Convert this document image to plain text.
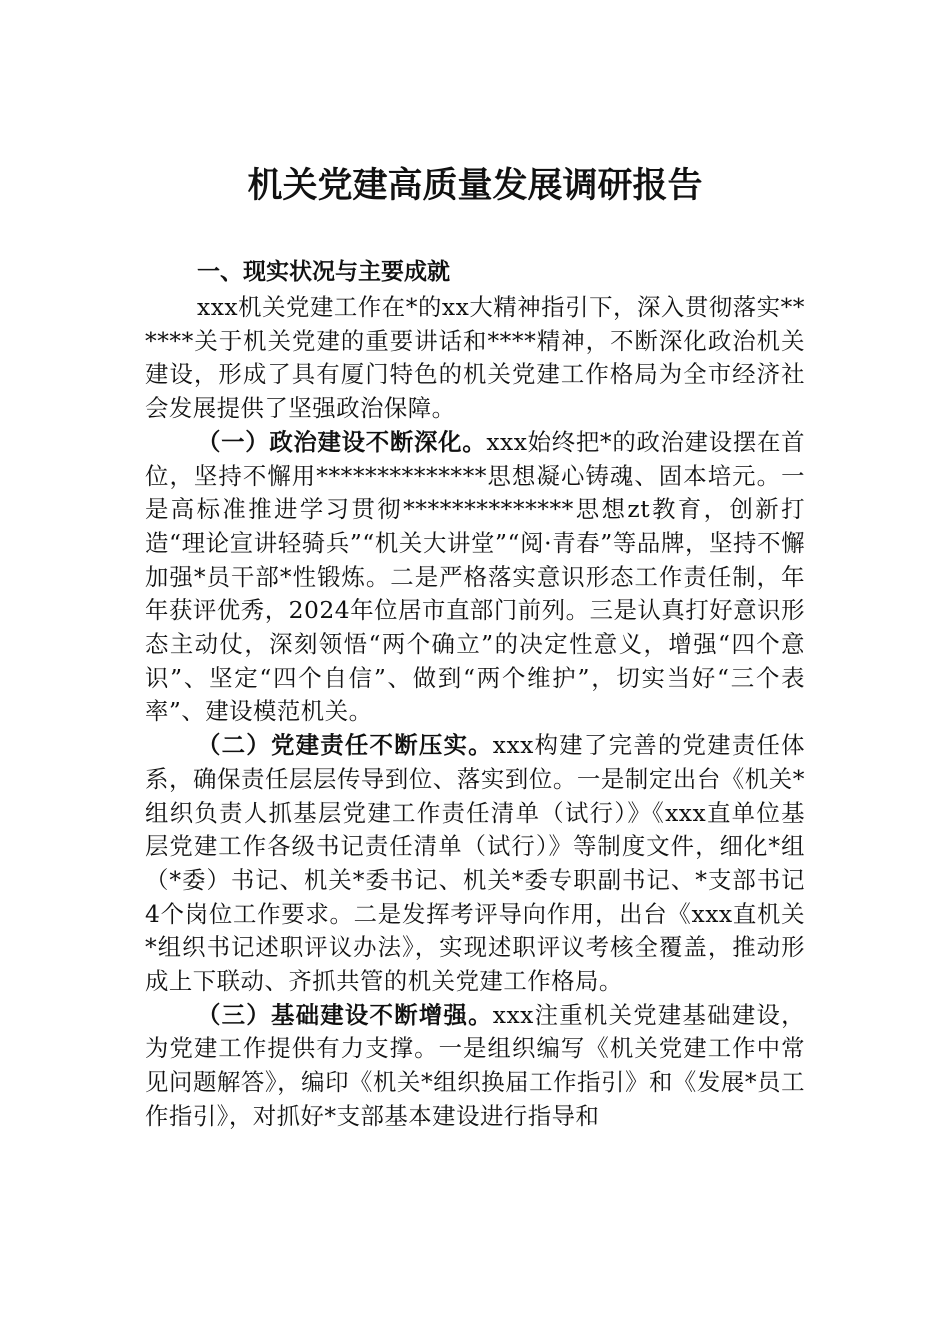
机关党建高质量发展调研报告
一、现实状况与主要成就

xxx机关党建工作在*的xx大精神指引下，深入贯彻落实******关于机关党建的重要讲话和****精神，不断深化政治机关建设，形成了具有厦门特色的机关党建工作格局为全市经济社会发展提供了坚强政治保障。

（一）政治建设不断深化。xxx始终把*的政治建设摆在首位，坚持不懈用**************思想凝心铸魂、固本培元。一是高标准推进学习贯彻**************思想zt教育，创新打造“理论宣讲轻骑兵”“机关大讲堂”“阅·青春”等品牌，坚持不懈加强*员干部*性锻炼。二是严格落实意识形态工作责任制，年年获评优秀，2024年位居市直部门前列。三是认真打好意识形态主动仗，深刻领悟“两个确立”的决定性意义，增强“四个意识”、坚定“四个自信”、做到“两个维护”，切实当好“三个表率”、建设模范机关。

（二）党建责任不断压实。xxx构建了完善的党建责任体系，确保责任层层传导到位、落实到位。一是制定出台《机关*组织负责人抓基层党建工作责任清单（试行）》《xxx直单位基层党建工作各级书记责任清单（试行）》等制度文件，细化*组（*委）书记、机关*委书记、机关*委专职副书记、*支部书记4个岗位工作要求。二是发挥考评导向作用，出台《xxx直机关*组织书记述职评议办法》，实现述职评议考核全覆盖，推动形成上下联动、齐抓共管的机关党建工作格局。

（三）基础建设不断增强。xxx注重机关党建基础建设，为党建工作提供有力支撑。一是组织编写《机关党建工作中常见问题解答》，编印《机关*组织换届工作指引》和《发展*员工作指引》，对抓好*支部基本建设进行指导和
